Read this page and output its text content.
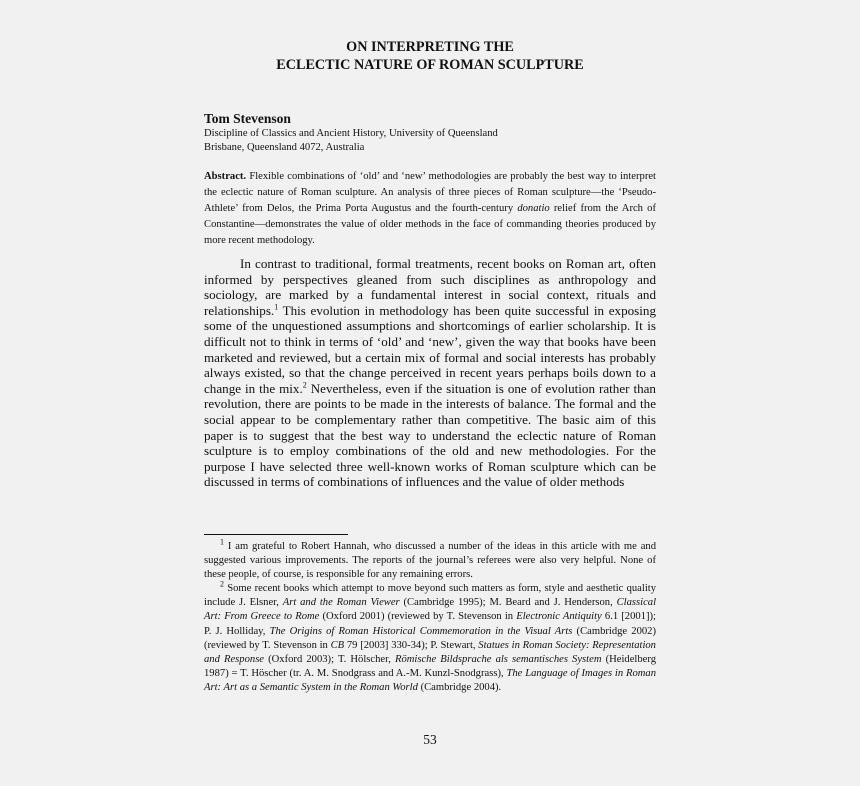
ON INTERPRETING THE
ECLECTIC NATURE OF ROMAN SCULPTURE
Tom Stevenson
Discipline of Classics and Ancient History, University of Queensland
Brisbane, Queensland 4072, Australia
Abstract. Flexible combinations of ‘old’ and ‘new’ methodologies are probably the best way to interpret the eclectic nature of Roman sculpture. An analysis of three pieces of Roman sculpture—the ‘Pseudo-Athlete’ from Delos, the Prima Porta Augustus and the fourth-century donatio relief from the Arch of Constantine—demonstrates the value of older methods in the face of commanding theories produced by more recent methodology.

In contrast to traditional, formal treatments, recent books on Roman art, often informed by perspectives gleaned from such disciplines as anthropology and sociology, are marked by a fundamental interest in social context, rituals and relationships.$^1$ This evolution in methodology has been quite successful in exposing some of the unquestioned assumptions and shortcomings of earlier scholarship. It is difficult not to think in terms of ‘old’ and ‘new’, given the way that books have been marketed and reviewed, but a certain mix of formal and social interests has probably always existed, so that the change perceived in recent years perhaps boils down to a change in the mix.$^2$ Nevertheless, even if the situation is one of evolution rather than revolution, there are points to be made in the interests of balance. The formal and the social appear to be complementary rather than competitive. The basic aim of this paper is to suggest that the best way to understand the eclectic nature of Roman sculpture is to employ combinations of the old and new methodologies. For the purpose I have selected three well-known works of Roman sculpture which can be discussed in terms of combinations of influences and the value of older methods

$^1$ I am grateful to Robert Hannah, who discussed a number of the ideas in this article with me and suggested various improvements. The reports of the journal’s referees were also very helpful. None of these people, of course, is responsible for any remaining errors.

$^2$ Some recent books which attempt to move beyond such matters as form, style and aesthetic quality include J. Elsner, Art and the Roman Viewer (Cambridge 1995); M. Beard and J. Henderson, Classical Art: From Greece to Rome (Oxford 2001) (reviewed by T. Stevenson in Electronic Antiquity 6.1 [2001]); P. J. Holliday, The Origins of Roman Historical Commemoration in the Visual Arts (Cambridge 2002) (reviewed by T. Stevenson in CB 79 [2003] 330-34); P. Stewart, Statues in Roman Society: Representation and Response (Oxford 2003); T. Hölscher, Römische Bildsprache als semantisches System (Heidelberg 1987) = T. Höscher (tr. A. M. Snodgrass and A.-M. Kunzl-Snodgrass), The Language of Images in Roman Art: Art as a Semantic System in the Roman World (Cambridge 2004).

53
